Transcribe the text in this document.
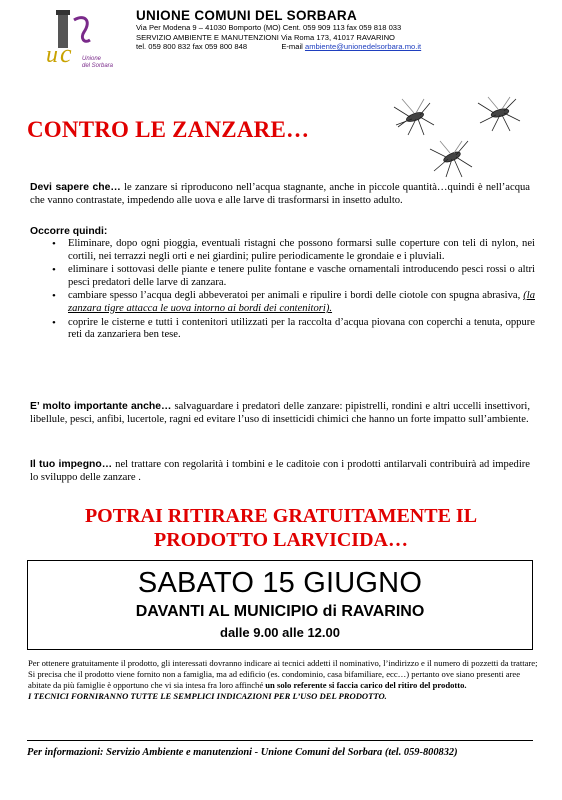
u c Unione
del Sorbara
UNIONE COMUNI DEL SORBARA
Via Per Modena 9 – 41030 Bomporto (MO) Cent. 059 909 113 fax 059 818 033
SERVIZIO AMBIENTE E MANUTENZIONI Via Roma 173, 41017 RAVARINO
tel. 059 800 832 fax 059 800 848	E-mail ambiente@unionedelsorbara.mo.it
CONTRO LE ZANZARE…
Devi sapere che… le zanzare si riproducono nell’acqua stagnante, anche in piccole quantità…quindi è nell’acqua che vanno contrastate, impedendo alle uova e alle larve di trasformarsi in insetto adulto.
Occorre quindi:
• Eliminare, dopo ogni pioggia, eventuali ristagni che possono formarsi sulle coperture con teli di nylon, nei cortili, nei terrazzi negli orti e nei giardini; pulire periodicamente le grondaie e i pluviali.
• eliminare i sottovasi delle piante e tenere pulite fontane e vasche ornamentali introducendo pesci rossi o altri pesci predatori delle larve di zanzara.
• cambiare spesso l’acqua degli abbeveratoi per animali e ripulire i bordi delle ciotole con spugna abrasiva, (la zanzara tigre attacca le uova intorno ai bordi dei contenitori).
• coprire le cisterne e tutti i contenitori utilizzati per la raccolta d’acqua piovana con coperchi a tenuta, oppure reti da zanzariera ben tese.
E’ molto importante anche… salvaguardare i predatori delle zanzare: pipistrelli, rondini e altri uccelli insettivori, libellule, pesci, anfibi, lucertole, ragni ed evitare l’uso di insetticidi chimici che hanno un forte impatto sull’ambiente.
Il tuo impegno… nel trattare con regolarità i tombini e le caditoie con i prodotti antilarvali contribuirà ad impedire lo sviluppo delle zanzare .
POTRAI RITIRARE GRATUITAMENTE IL
PRODOTTO LARVICIDA…
SABATO 15 GIUGNO
DAVANTI AL MUNICIPIO di RAVARINO
dalle 9.00 alle 12.00
Per ottenere gratuitamente il prodotto, gli interessati dovranno indicare ai tecnici addetti il nominativo, l’indirizzo e il numero di pozzetti da trattare;
Si precisa che il prodotto viene fornito non a famiglia, ma ad edificio (es. condominio, casa bifamiliare, ecc…) pertanto ove siano presenti aree abitate da più famiglie è opportuno che vi sia intesa fra loro affinché un solo referente si faccia carico del ritiro del prodotto.
I TECNICI FORNIRANNO TUTTE LE SEMPLICI INDICAZIONI PER L’USO DEL PRODOTTO.
Per informazioni: Servizio Ambiente e manutenzioni - Unione Comuni del Sorbara (tel. 059-800832)
